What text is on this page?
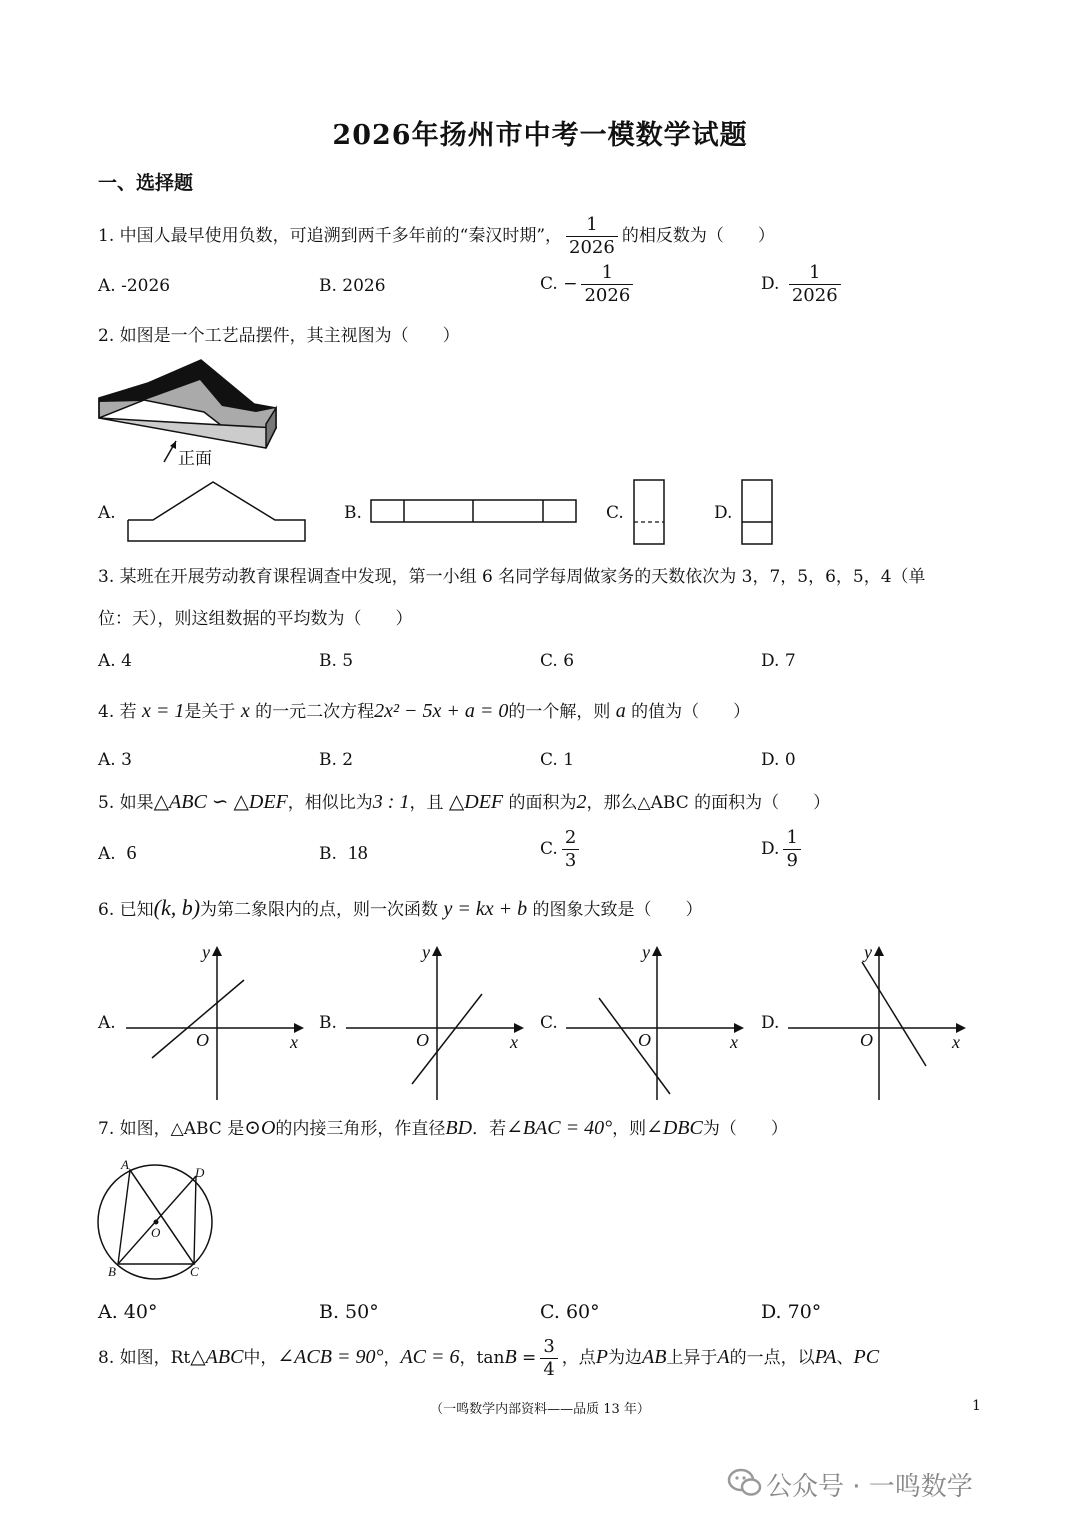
2026年扬州市中考一模数学试题
一、选择题
1. 中国人最早使用负数，可追溯到两千多年前的“秦汉时期”， $\frac{1}{2026}$ 的相反数为（　　）
A. -2026	B. 2026	C. − $\frac{1}{2026}$	D. $\frac{1}{2026}$
2. 如图是一个工艺品摆件，其主视图为（　　）
正面
A.	B.	C.	D.
3. 某班在开展劳动教育课程调查中发现，第一小组 6 名同学每周做家务的天数依次为 3，7，5，6，5，4（单
位：天），则这组数据的平均数为（　　）
A. 4	B. 5	C. 6	D. 7
4. 若 x = 1是关于 x 的一元二次方程2x² − 5x + a = 0的一个解，则 a 的值为（　　）
A. 3	B. 2	C. 1	D. 0
5. 如果△ABC ∽ △DEF，相似比为3 : 1，且 △DEF 的面积为2，那么△ABC 的面积为（　　）
A. 6	B. 18	C. $\frac{2}{3}$	D. $\frac{1}{9}$
6. 已知(k, b)为第二象限内的点，则一次函数 y = kx + b 的图象大致是（　　）
A.	B.	C.	D.
y
x
O
y
x
O
y
x
O
y
x
O
7. 如图，△ABC 是⊙O的内接三角形，作直径BD．若∠BAC = 40°，则∠DBC为（　　）
A
D
O
B	C
A. 40°	B. 50°	C. 60°	D. 70°
8. 如图，Rt△ABC中，∠ACB = 90°，AC = 6，$\tan B = \frac{3}{4}$ ，点P为边AB上异于A的一点，以PA、PC
（一鸣数学内部资料——品质 13 年）	1
公众号 · 一鸣数学
